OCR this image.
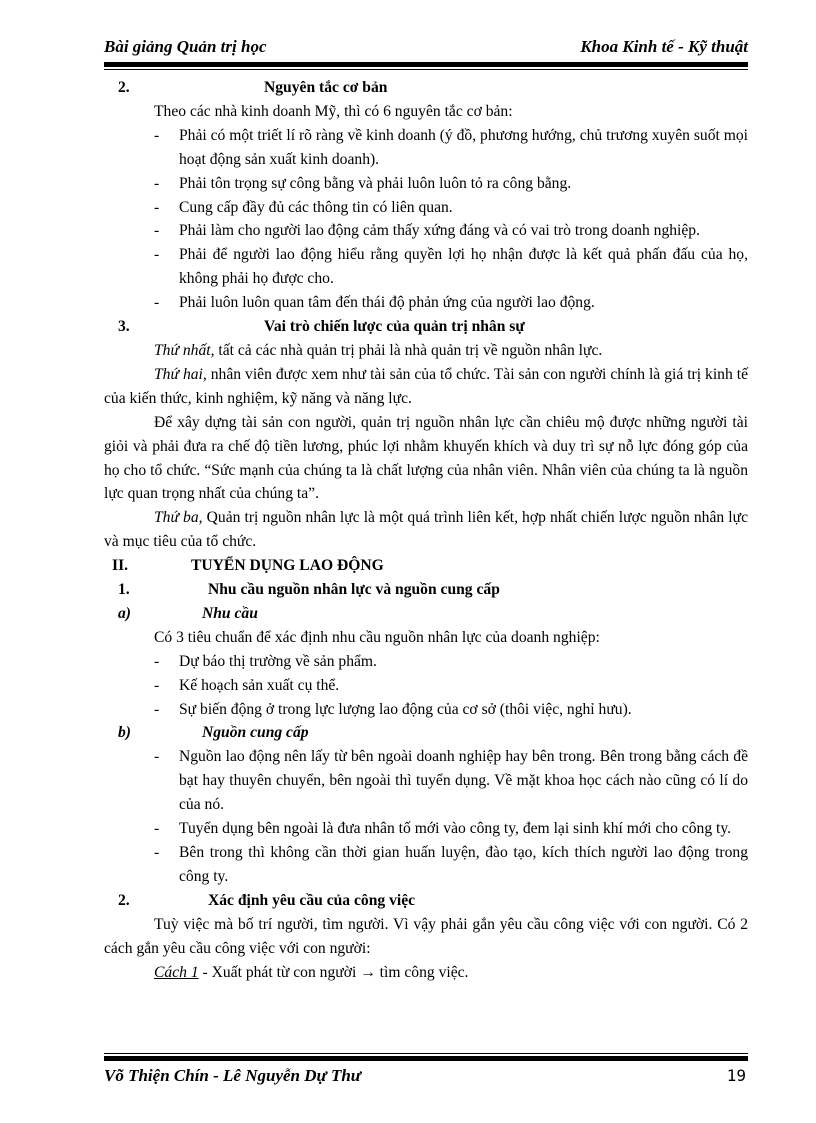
Bài giảng Quản trị học	Khoa Kinh tế - Kỹ thuật
2.	Nguyên tắc cơ bản
Theo các nhà kinh doanh Mỹ, thì có 6 nguyên tắc cơ bản:
- Phải có một triết lí rõ ràng về kinh doanh (ý đồ, phương hướng, chủ trương xuyên suốt mọi hoạt động sản xuất kinh doanh).
- Phải tôn trọng sự công bằng và phải luôn luôn tỏ ra công bằng.
- Cung cấp đầy đủ các thông tin có liên quan.
- Phải làm cho người lao động cảm thấy xứng đáng và có vai trò trong doanh nghiệp.
- Phải để người lao động hiểu rằng quyền lợi họ nhận được là kết quả phấn đấu của họ, không phải họ được cho.
- Phải luôn luôn quan tâm đến thái độ phản ứng của người lao động.
3.	Vai trò chiến lược của quản trị nhân sự
Thứ nhất, tất cả các nhà quản trị phải là nhà quản trị về nguồn nhân lực.
Thứ hai, nhân viên được xem như tài sản của tổ chức. Tài sản con người chính là giá trị kinh tế của kiến thức, kinh nghiệm, kỹ năng và năng lực.
Để xây dựng tài sản con người, quản trị nguồn nhân lực cần chiêu mộ được những người tài giỏi và phải đưa ra chế độ tiền lương, phúc lợi nhằm khuyến khích và duy trì sự nỗ lực đóng góp của họ cho tổ chức. “Sức mạnh của chúng ta là chất lượng của nhân viên. Nhân viên của chúng ta là nguồn lực quan trọng nhất của chúng ta”.
Thứ ba, Quản trị nguồn nhân lực là một quá trình liên kết, hợp nhất chiến lược nguồn nhân lực và mục tiêu của tổ chức.
II.	TUYỂN DỤNG LAO ĐỘNG
1.	Nhu cầu nguồn nhân lực và nguồn cung cấp
a)	Nhu cầu
Có 3 tiêu chuẩn để xác định nhu cầu nguồn nhân lực của doanh nghiệp:
- Dự báo thị trường về sản phẩm.
- Kế hoạch sản xuất cụ thể.
- Sự biến động ở trong lực lượng lao động của cơ sở (thôi việc, nghỉ hưu).
b)	Nguồn cung cấp
- Nguồn lao động nên lấy từ bên ngoài doanh nghiệp hay bên trong. Bên trong bằng cách đề bạt hay thuyên chuyển, bên ngoài thì tuyển dụng. Về mặt khoa học cách nào cũng có lí do của nó.
- Tuyển dụng bên ngoài là đưa nhân tố mới vào công ty, đem lại sinh khí mới cho công ty.
- Bên trong thì không cần thời gian huấn luyện, đào tạo, kích thích người lao động trong công ty.
2.	Xác định yêu cầu của công việc
Tuỳ việc mà bố trí người, tìm người. Vì vậy phải gắn yêu cầu công việc với con người. Có 2 cách gắn yêu cầu công việc với con người:
Cách 1 - Xuất phát từ con người → tìm công việc.
Võ Thiện Chín - Lê Nguyễn Dự Thư	19
